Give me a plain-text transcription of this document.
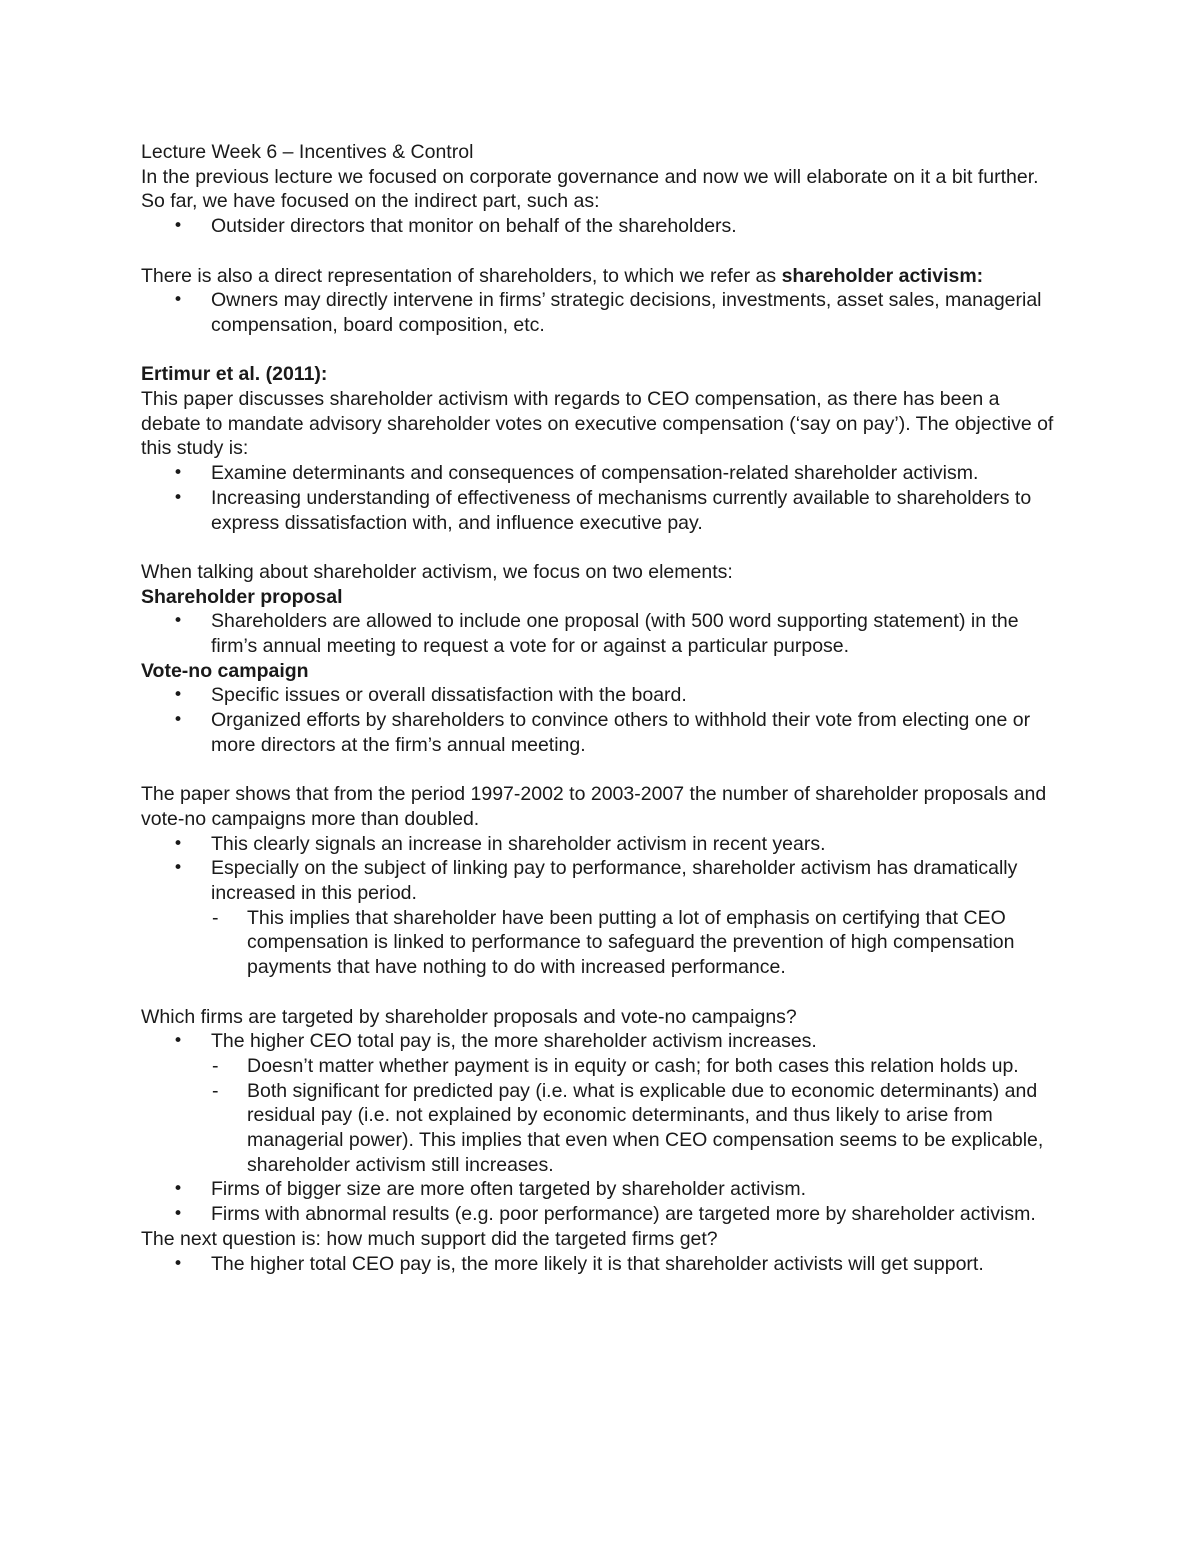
Lecture Week 6 – Incentives & Control

In the previous lecture we focused on corporate governance and now we will elaborate on it a bit further. So far, we have focused on the indirect part, such as:

• Outsider directors that monitor on behalf of the shareholders.

There is also a direct representation of shareholders, to which we refer as shareholder activism:

• Owners may directly intervene in firms’ strategic decisions, investments, asset sales, managerial compensation, board composition, etc.

Ertimur et al. (2011):

This paper discusses shareholder activism with regards to CEO compensation, as there has been a debate to mandate advisory shareholder votes on executive compensation (‘say on pay’). The objective of this study is:

• Examine determinants and consequences of compensation-related shareholder activism.
• Increasing understanding of effectiveness of mechanisms currently available to shareholders to express dissatisfaction with, and influence executive pay.

When talking about shareholder activism, we focus on two elements:

Shareholder proposal

• Shareholders are allowed to include one proposal (with 500 word supporting statement) in the firm’s annual meeting to request a vote for or against a particular purpose.

Vote-no campaign

• Specific issues or overall dissatisfaction with the board.
• Organized efforts by shareholders to convince others to withhold their vote from electing one or more directors at the firm’s annual meeting.

The paper shows that from the period 1997-2002 to 2003-2007 the number of shareholder proposals and vote-no campaigns more than doubled.

• This clearly signals an increase in shareholder activism in recent years.
• Especially on the subject of linking pay to performance, shareholder activism has dramatically increased in this period.
- This implies that shareholder have been putting a lot of emphasis on certifying that CEO compensation is linked to performance to safeguard the prevention of high compensation payments that have nothing to do with increased performance.

Which firms are targeted by shareholder proposals and vote-no campaigns?

• The higher CEO total pay is, the more shareholder activism increases.
- Doesn’t matter whether payment is in equity or cash; for both cases this relation holds up.
- Both significant for predicted pay (i.e. what is explicable due to economic determinants) and residual pay (i.e. not explained by economic determinants, and thus likely to arise from managerial power). This implies that even when CEO compensation seems to be explicable, shareholder activism still increases.
• Firms of bigger size are more often targeted by shareholder activism.
• Firms with abnormal results (e.g. poor performance) are targeted more by shareholder activism.

The next question is: how much support did the targeted firms get?

• The higher total CEO pay is, the more likely it is that shareholder activists will get support.
